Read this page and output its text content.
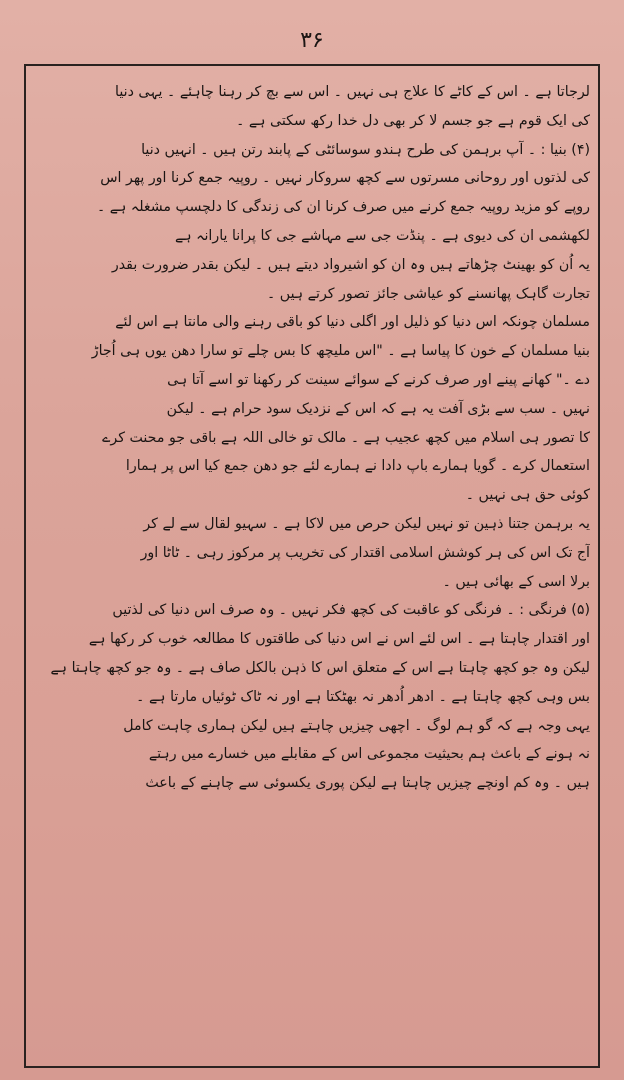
۳۶
لرجاتا ہے ۔ اس کے کاٹے کا علاج ہی نہیں ۔ اس سے بچ کر رہنا چاہئے ۔ یہی دنیا
کی ایک قوم ہے جو جسم لا کر بھی دل خدا رکھ سکتی ہے ۔
(۴) بنیا : ۔ آپ برہمن کی طرح ہندو سوسائٹی کے پابند رتن ہیں ۔ انہیں دنیا
کی لذتوں اور روحانی مسرتوں سے کچھ سروکار نہیں ۔ روپیہ جمع کرنا اور پھر اس
روپے کو مزید روپیہ جمع کرنے میں صرف کرنا ان کی زندگی کا دلچسپ مشغلہ ہے ۔
لکھشمی ان کی دیوی ہے ۔ پنڈت جی سے مہاشے جی کا پرانا یارانہ ہے
یہ اُن کو بھینٹ چڑھاتے ہیں وہ ان کو اشیرواد دیتے ہیں ۔ لیکن بقدر ضرورت بقدر
تجارت گاہک پھانسنے کو عیاشی جائز تصور کرتے ہیں ۔
مسلمان چونکہ اس دنیا کو ذلیل اور اگلی دنیا کو باقی رہنے والی مانتا ہے اس لئے
بنیا مسلمان کے خون کا پیاسا ہے ۔ "اس ملیچھ کا بس چلے تو سارا دھن یوں ہی اُجاڑ
دے ۔" کھانے پینے اور صرف کرنے کے سوائے سینت کر رکھنا تو اسے آتا ہی
نہیں ۔ سب سے بڑی آفت یہ ہے کہ اس کے نزدیک سود حرام ہے ۔ لیکن
کا تصور ہی اسلام میں کچھ عجیب ہے ۔ مالک تو خالی اللہ ہے باقی جو محنت کرے
استعمال کرے ۔ گویا ہمارے باپ دادا نے ہمارے لئے جو دھن جمع کیا اس پر ہمارا
کوئی حق ہی نہیں ۔
یہ برہمن جتنا ذہین تو نہیں لیکن حرص میں لاکا ہے ۔ سہیو لقال سے لے کر
آج تک اس کی ہر کوشش اسلامی اقتدار کی تخریب پر مرکوز رہی ۔ ٹاٹا اور
برلا اسی کے بھائی ہیں ۔
(۵) فرنگی : ۔ فرنگی کو عاقبت کی کچھ فکر نہیں ۔ وہ صرف اس دنیا کی لذتیں
اور اقتدار چاہتا ہے ۔ اس لئے اس نے اس دنیا کی طاقتوں کا مطالعہ خوب کر رکھا ہے
لیکن وہ جو کچھ چاہتا ہے اس کے متعلق اس کا ذہن بالکل صاف ہے ۔ وہ جو کچھ چاہتا ہے
بس وہی کچھ چاہتا ہے ۔ ادھر اُدھر نہ بھٹکتا ہے اور نہ ٹاک ٹوئیاں مارتا ہے ۔
یہی وجہ ہے کہ گو ہم لوگ ۔ اچھی چیزیں چاہتے ہیں لیکن ہماری چاہت کامل
نہ ہونے کے باعث ہم بحیثیت مجموعی اس کے مقابلے میں خسارے میں رہتے
ہیں ۔ وہ کم اونچے چیزیں چاہتا ہے لیکن پوری یکسوئی سے چاہنے کے باعث
